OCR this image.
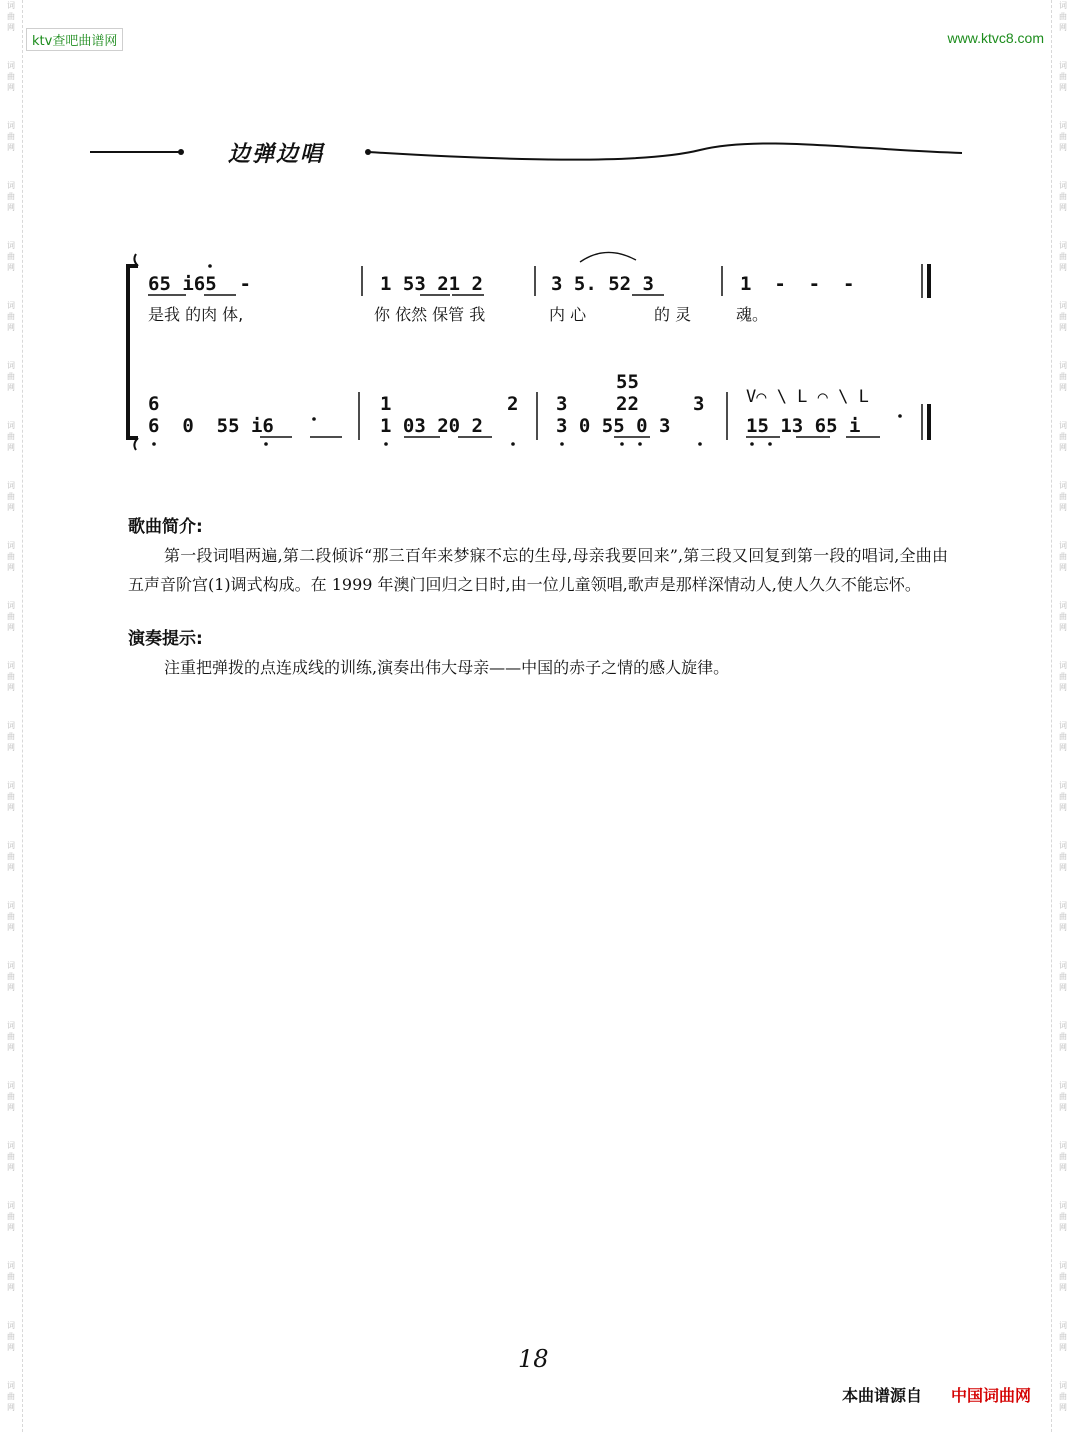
词
曲
网
词
曲
网
词
曲
网
词
曲
网
词
曲
网
词
曲
网
词
曲
网
词
曲
网
词
曲
网
词
曲
网
词
曲
网
词
曲
网
词
曲
网
词
曲
网
词
曲
网
词
曲
网
词
曲
网
词
曲
网
词
曲
网
词
曲
网
词
曲
网
词
曲
网
词
曲
网
词
曲
网
词
曲
网
词
曲
网
词
曲
网
词
曲
网
词
曲
网
词
曲
网
词
曲
网
词
曲
网
词
曲
网
词
曲
网
词
曲
网
词
曲
网
词
曲
网
词
曲
网
词
曲
网
词
曲
网
词
曲
网
词
曲
网
词
曲
网
词
曲
网
词
曲
网
词
曲
网
词
曲
网
词
曲
网
ktv查吧曲谱网	www.ktvc8.com
边弹边唱
65 i65  -	1 53 21 2	3 5. 52 3	1  -  -  -
是我 的肉 体,	你 依然 保管 我	内 心	的 灵	魂。
6	1	2 3
55
22	3 V⌒ \ L ⌒ \ L
6  0  55 i6	1 03 20 2	3 0 55 0 3	15 13 65 i
歌曲简介:

第一段词唱两遍,第二段倾诉“那三百年来梦寐不忘的生母,母亲我要回来”,第三段又回复到第一段的唱词,全曲由五声音阶宫(1)调式构成。在 1999 年澳门回归之日时,由一位儿童领唱,歌声是那样深情动人,使人久久不能忘怀。

演奏提示:

注重把弹拨的点连成线的训练,演奏出伟大母亲——中国的赤子之情的感人旋律。

18
本曲谱源自 中国词曲网
